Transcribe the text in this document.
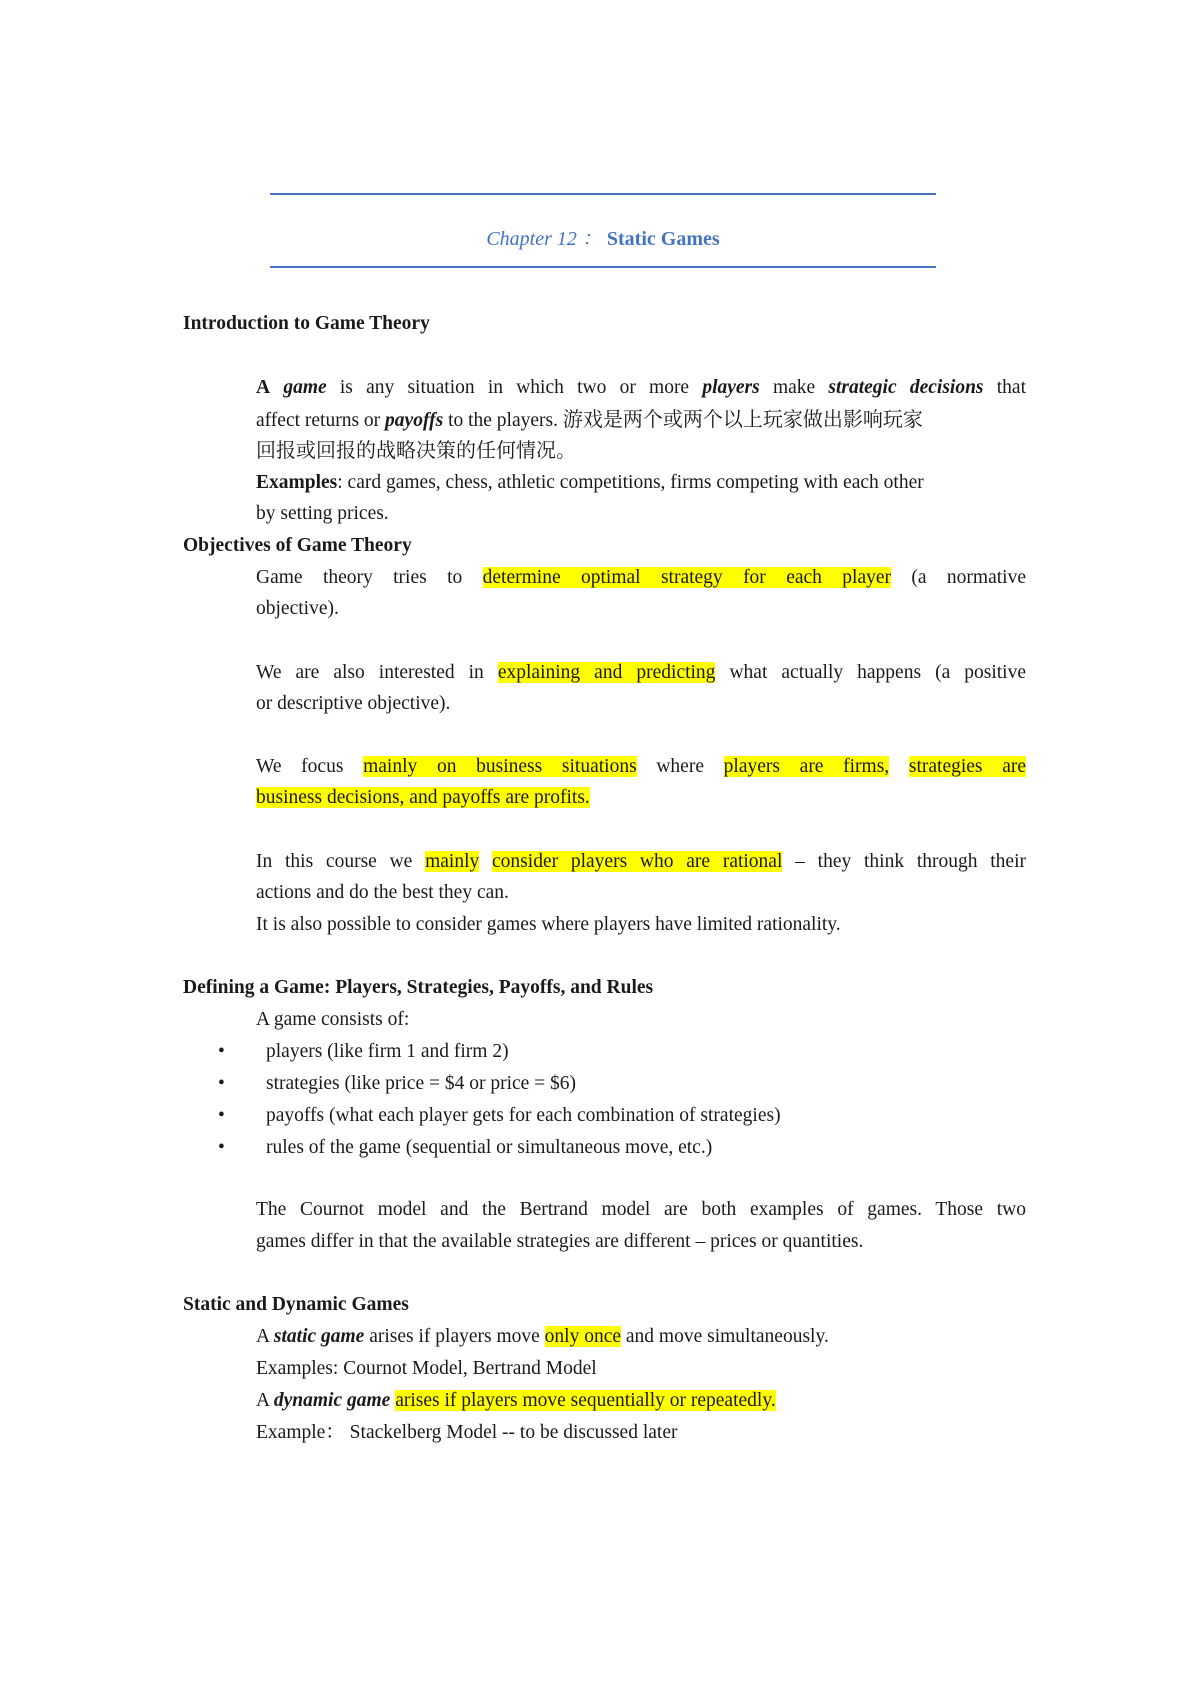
Chapter 12 ： Static Games
Introduction to Game Theory
A game is any situation in which two or more players make strategic decisions that
affect returns or payoffs to the players. 游戏是两个或两个以上玩家做出影响玩家
回报或回报的战略决策的任何情况。
Examples: card games, chess, athletic competitions, firms competing with each other
by setting prices.
Objectives of Game Theory
Game theory tries to determine optimal strategy for each player (a normative
objective).
We are also interested in explaining and predicting what actually happens (a positive
or descriptive objective).
We focus mainly on business situations where players are firms, strategies are
business decisions, and payoffs are profits.
In this course we mainly consider players who are rational – they think through their
actions and do the best they can.
It is also possible to consider games where players have limited rationality.
Defining a Game: Players, Strategies, Payoffs, and Rules
A game consists of:
• players (like firm 1 and firm 2)
• strategies (like price = $4 or price = $6)
• payoffs (what each player gets for each combination of strategies)
• rules of the game (sequential or simultaneous move, etc.)
The Cournot model and the Bertrand model are both examples of games. Those two
games differ in that the available strategies are different – prices or quantities.
Static and Dynamic Games
A static game arises if players move only once and move simultaneously.
Examples: Cournot Model, Bertrand Model
A dynamic game arises if players move sequentially or repeatedly.
Example： Stackelberg Model -- to be discussed later
